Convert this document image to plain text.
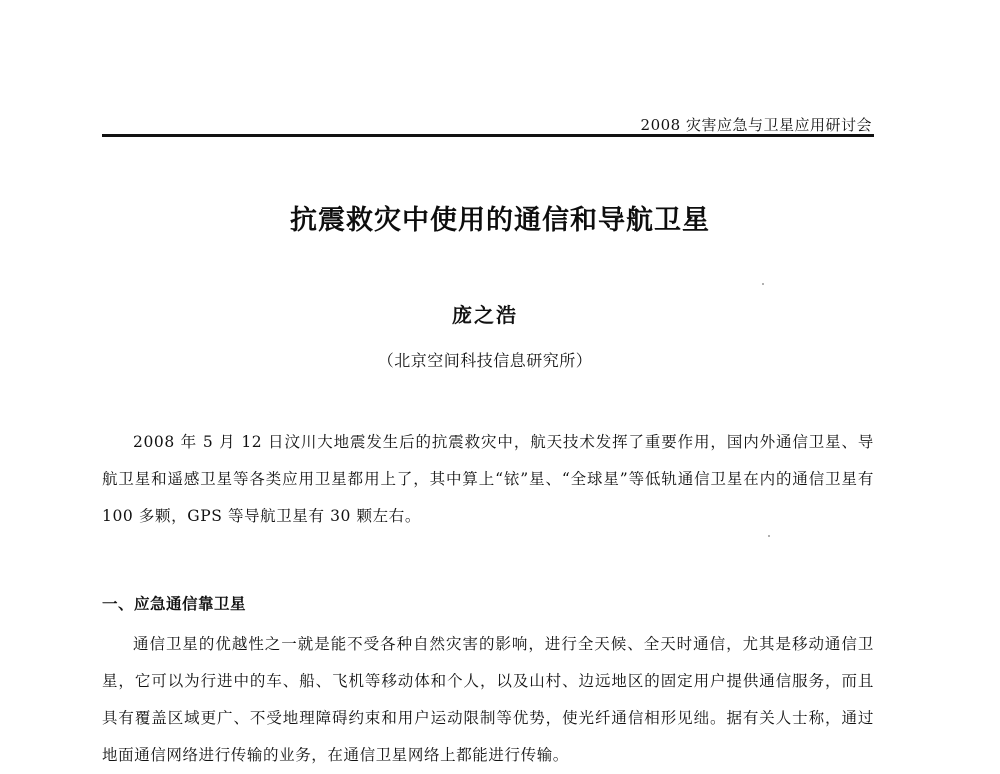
2008 灾害应急与卫星应用研讨会
抗震救灾中使用的通信和导航卫星
庞之浩
（北京空间科技信息研究所）

2008 年 5 月 12 日汶川大地震发生后的抗震救灾中，航天技术发挥了重要作用，国内外通信卫星、导航卫星和遥感卫星等各类应用卫星都用上了，其中算上“铱”星、“全球星”等低轨通信卫星在内的通信卫星有 100 多颗，GPS 等导航卫星有 30 颗左右。

一、应急通信靠卫星

通信卫星的优越性之一就是能不受各种自然灾害的影响，进行全天候、全天时通信，尤其是移动通信卫星，它可以为行进中的车、船、飞机等移动体和个人，以及山村、边远地区的固定用户提供通信服务，而且具有覆盖区域更广、不受地理障碍约束和用户运动限制等优势，使光纤通信相形见绌。据有关人士称，通过地面通信网络进行传输的业务，在通信卫星网络上都能进行传输。
